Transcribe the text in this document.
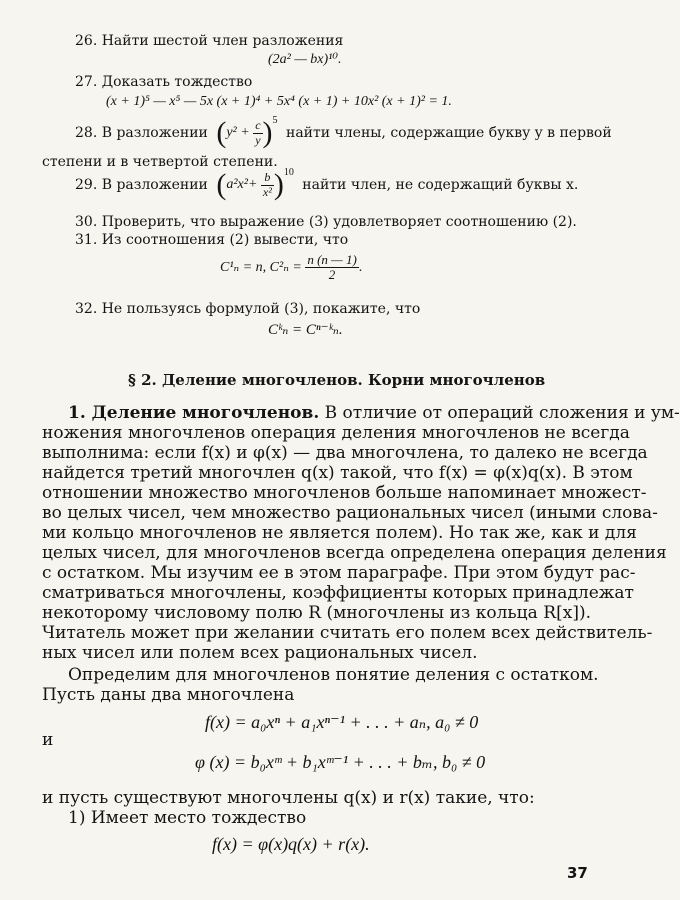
26. Найти шестой член разложения
(2a² — bx)¹⁰.
27. Доказать тождество
(x + 1)⁵ — x⁵ — 5x (x + 1)⁴ + 5x⁴ (x + 1) + 10x² (x + 1)² = 1.
28. В разложении $(y^2 + \frac{c}{y} )^5$ найти члены, содержащие букву y в первой
степени и в четвертой степени.
29. В разложении $(a^2x^2+ \frac{b}{\text{x²}} )^{10}$ найти член, не содержащий буквы x.
30. Проверить, что выражение (3) удовлетворяет соотношению (2).
31. Из соотношения (2) вывести, что
C¹ₙ = n, $C^2_n = \frac{n (n — 1)}{2}$ .
32. Не пользуясь формулой (3), покажите, что
Cᵏₙ = Cⁿ⁻ᵏₙ.
§ 2. Деление многочленов. Корни многочленов
1. Деление многочленов. В отличие от операций сложения и ум-
ножения многочленов операция деления многочленов не всегда
выполнима: если f(x) и φ(x) — два многочлена, то далеко не всегда
найдется третий многочлен q(x) такой, что f(x) = φ(x)q(x). В этом
отношении множество многочленов больше напоминает множест-
во целых чисел, чем множество рациональных чисел (иными слова-
ми кольцо многочленов не является полем). Но так же, как и для
целых чисел, для многочленов всегда определена операция деления
с остатком. Мы изучим ее в этом параграфе. При этом будут рас-
сматриваться многочлены, коэффициенты которых принадлежат
некоторому числовому полю R (многочлены из кольца R[x]).
Читатель может при желании считать его полем всех действитель-
ных чисел или полем всех рациональных чисел.
Определим для многочленов понятие деления с остатком.
Пусть даны два многочлена
f(x) = a₀xⁿ + a₁xⁿ⁻¹ + . . . + aₙ, a₀ ≠ 0
и
φ (x) = b₀xᵐ + b₁xᵐ⁻¹ + . . . + bₘ, b₀ ≠ 0
и пусть существуют многочлены q(x) и r(x) такие, что:
1) Имеет место тождество
f(x) = φ(x)q(x) + r(x).
37
